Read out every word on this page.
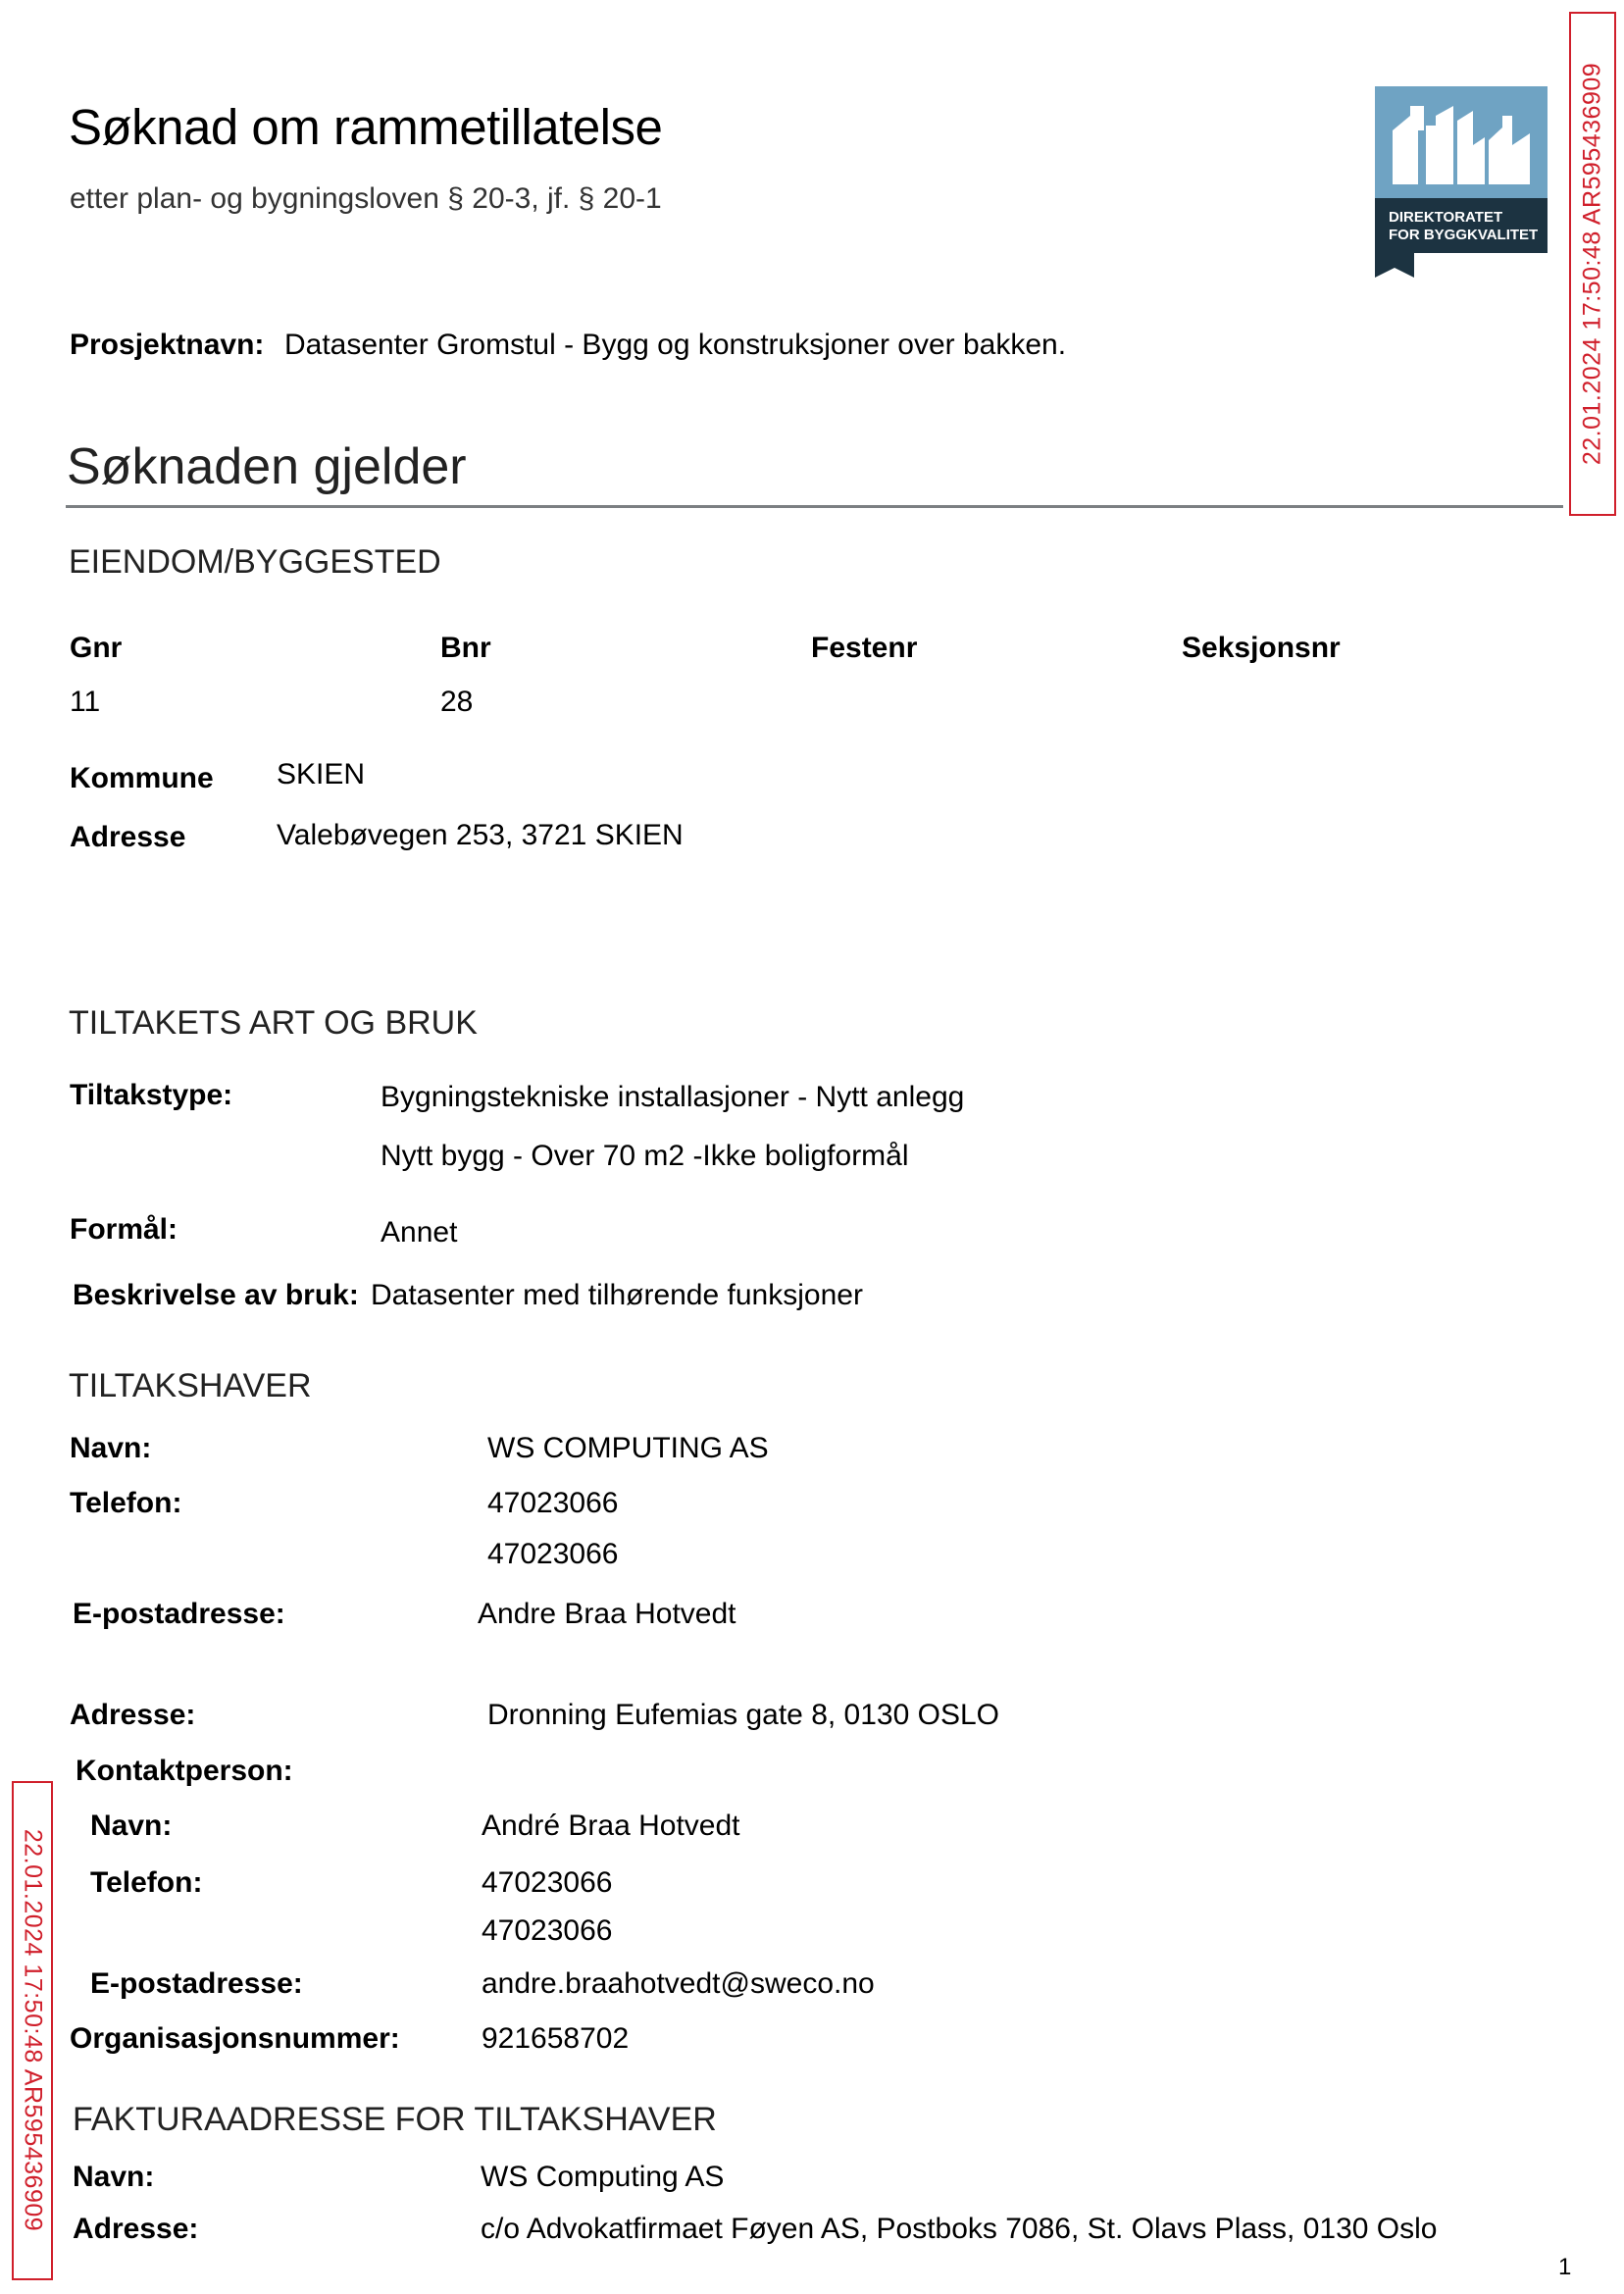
Søknad om rammetillatelse
etter plan- og bygningsloven § 20-3, jf. § 20-1
DIREKTORATET
FOR BYGGKVALITET 22.01.2024 17:50:48 AR595436909
Prosjektnavn: Datasenter Gromstul - Bygg og konstruksjoner over bakken.
Søknaden gjelder
EIENDOM/BYGGESTED
Gnr	Bnr	Festenr	Seksjonsnr
11	28
Kommune SKIEN
Adresse	Valebøvegen 253, 3721 SKIEN
TILTAKETS ART OG BRUK
Tiltakstype:	Bygningstekniske installasjoner - Nytt anlegg
Nytt bygg - Over 70 m2 -Ikke boligformål
Formål:	Annet
Beskrivelse av bruk: Datasenter med tilhørende funksjoner
TILTAKSHAVER
Navn:	WS COMPUTING AS
Telefon:	47023066
47023066
E-postadresse:	Andre Braa Hotvedt
Adresse:	Dronning Eufemias gate 8, 0130 OSLO
Kontaktperson:
Navn:	André Braa Hotvedt
Telefon:	47023066
47023066
E-postadresse:	andre.braahotvedt@sweco.no
Organisasjonsnummer:	921658702
FAKTURAADRESSE FOR TILTAKSHAVER
Navn:	WS Computing AS
Adresse:	c/o Advokatfirmaet Føyen AS, Postboks 7086, St. Olavs Plass, 0130 Oslo
22.01.2024 17:50:48 AR595436909
1
